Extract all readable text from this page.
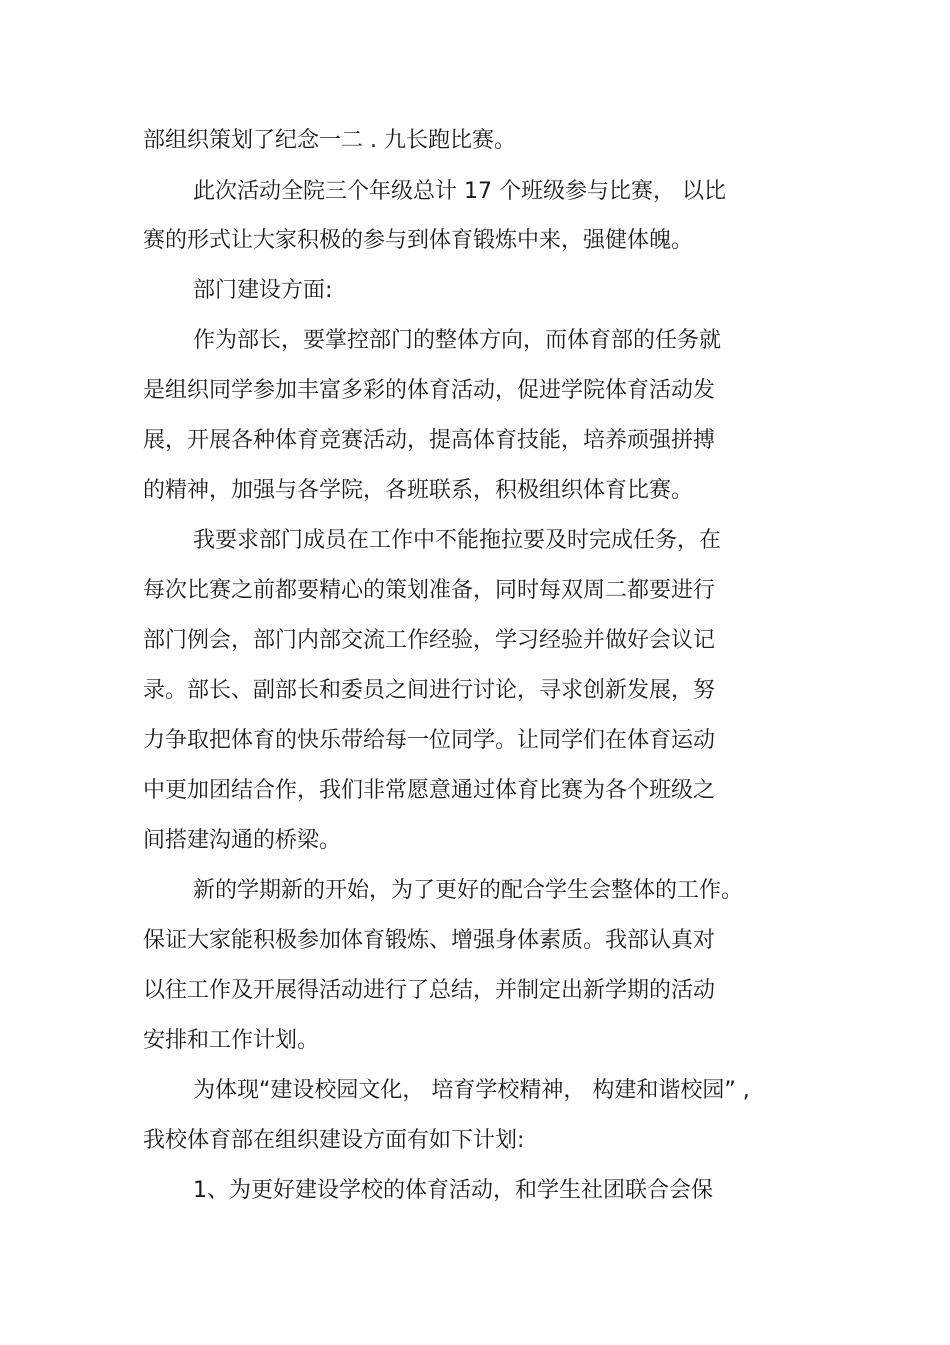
部组织策划了纪念一二 . 九长跑比赛。
此次活动全院三个年级总计 17 个班级参与比赛， 以比
赛的形式让大家积极的参与到体育锻炼中来，强健体魄。
部门建设方面:
作为部长，要掌控部门的整体方向，而体育部的任务就
是组织同学参加丰富多彩的体育活动，促进学院体育活动发
展，开展各种体育竞赛活动，提高体育技能，培养顽强拼搏
的精神，加强与各学院，各班联系，积极组织体育比赛。
我要求部门成员在工作中不能拖拉要及时完成任务，在
每次比赛之前都要精心的策划准备，同时每双周二都要进行
部门例会，部门内部交流工作经验，学习经验并做好会议记
录。部长、副部长和委员之间进行讨论，寻求创新发展，努
力争取把体育的快乐带给每一位同学。让同学们在体育运动
中更加团结合作，我们非常愿意通过体育比赛为各个班级之
间搭建沟通的桥梁。
新的学期新的开始，为了更好的配合学生会整体的工作。
保证大家能积极参加体育锻炼、增强身体素质。我部认真对
以往工作及开展得活动进行了总结，并制定出新学期的活动
安排和工作计划。
为体现“建设校园文化， 培育学校精神， 构建和谐校园” ,
我校体育部在组织建设方面有如下计划:
1、为更好建设学校的体育活动，和学生社团联合会保
